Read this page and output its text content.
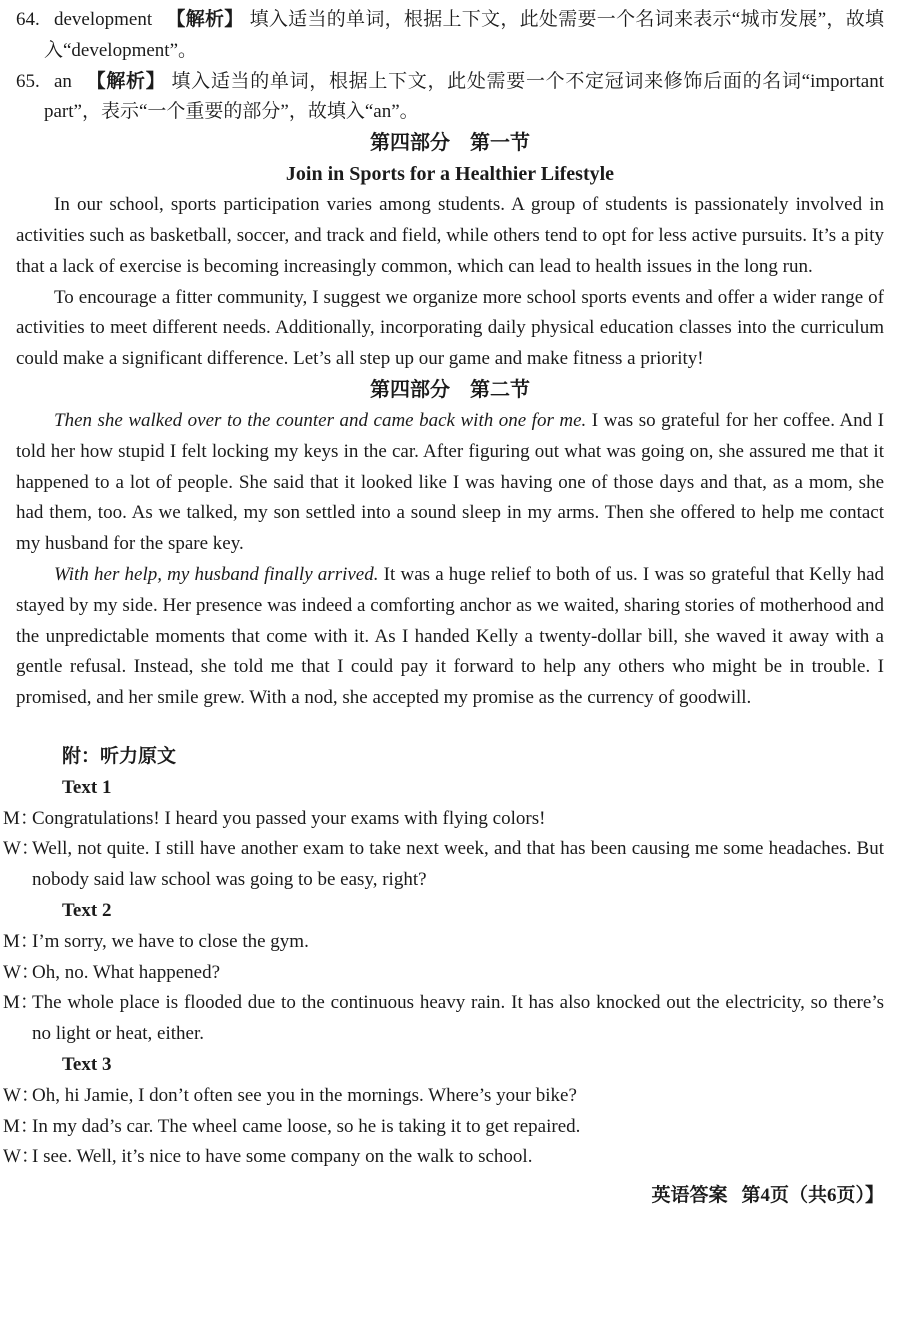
64. development 【解析】 填入适当的单词，根据上下文，此处需要一个名词来表示“城市发展”，故填入“development”。

65. an 【解析】 填入适当的单词，根据上下文，此处需要一个不定冠词来修饰后面的名词“important part”，表示“一个重要的部分”，故填入“an”。

第四部分　第一节
Join in Sports for a Healthier Lifestyle

In our school, sports participation varies among students. A group of students is passionately involved in activities such as basketball, soccer, and track and field, while others tend to opt for less active pursuits. It’s a pity that a lack of exercise is becoming increasingly common, which can lead to health issues in the long run.

To encourage a fitter community, I suggest we organize more school sports events and offer a wider range of activities to meet different needs. Additionally, incorporating daily physical education classes into the curriculum could make a significant difference. Let’s all step up our game and make fitness a priority!

第四部分　第二节

Then she walked over to the counter and came back with one for me. I was so grateful for her coffee. And I told her how stupid I felt locking my keys in the car. After figuring out what was going on, she assured me that it happened to a lot of people. She said that it looked like I was having one of those days and that, as a mom, she had them, too. As we talked, my son settled into a sound sleep in my arms. Then she offered to help me contact my husband for the spare key.

With her help, my husband finally arrived. It was a huge relief to both of us. I was so grateful that Kelly had stayed by my side. Her presence was indeed a comforting anchor as we waited, sharing stories of motherhood and the unpredictable moments that come with it. As I handed Kelly a twenty-dollar bill, she waved it away with a gentle refusal. Instead, she told me that I could pay it forward to help any others who might be in trouble. I promised, and her smile grew. With a nod, she accepted my promise as the currency of goodwill.

附：听力原文
Text 1

M：Congratulations! I heard you passed your exams with flying colors!

W：Well, not quite. I still have another exam to take next week, and that has been causing me some headaches. But nobody said law school was going to be easy, right?

Text 2

M：I’m sorry, we have to close the gym.

W：Oh, no. What happened?

M：The whole place is flooded due to the continuous heavy rain. It has also knocked out the electricity, so there’s no light or heat, either.

Text 3

W：Oh, hi Jamie, I don’t often see you in the mornings. Where’s your bike?

M：In my dad’s car. The wheel came loose, so he is taking it to get repaired.

W：I see. Well, it’s nice to have some company on the walk to school.

英语答案 第4页（共6页）】
